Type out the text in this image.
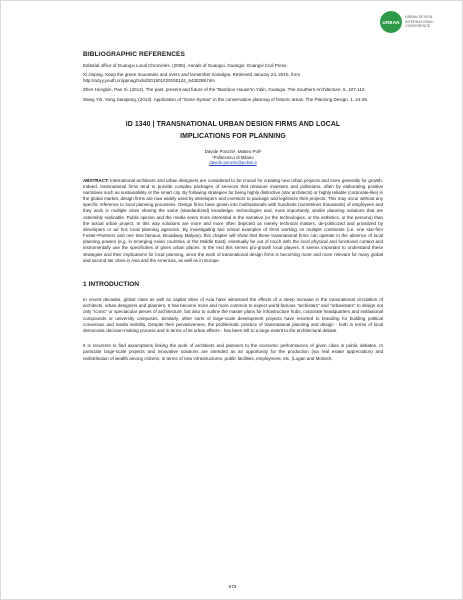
URBAN
URBAN DESIGN INTERNATIONAL CONFERENCE
BIBLIOGRAPHIC REFERENCES
Editorial office of Guangxi Local Chronicles. (2005). Annals of Guangxi. Guangxi: Guangxi Civil Press.
Xi Jinping. Keep the green mountains and rivers and remember nostalgia. Retrieved January 24, 2015, from http://azyy.youth.cn/ppnag/zxbd/201501/t20150124_6430288.htm
Zhen Hongbin, Pan Xi. (2014). The past, present and future of the "Bamboo House"in Yulin, Guangxi. The Southern Architecture, 5, 107-112.
Wang Yin, Yang Jianqiang. (2013). Application of "Gene Syntax" in the conservation planning of historic areas. The Planning Design, 1, 24-28.
ID 1340 | TRANSNATIONAL URBAN DESIGN FIRMS AND LOCAL
IMPLICATIONS FOR PLANNING
Davide Ponzini¹, Matteo Poli¹
¹Politecnico di Milano
davide.ponzini@polimi.it

ABSTRACT: International architects and urban designers are considered to be crucial for creating new urban projects and more generally for growth. Indeed, transnational firms tend to provide complex packages of services that reassure investors and politicians, often by elaborating positive narratives such as sustainability or the smart city. By following strategies for being highly distinctive (star architects) or highly reliable (corporate-like) in the global market, design firms are now widely used by developers and investors to package and legitimize their projects. This may occur without any specific reference to local planning processes. Design firms have grown into multinationals with hundreds (sometimes thousands) of employees and they work in multiple cities sharing the same (standardized) knowledge, technologies and, most importantly, similar planning solutions that are ostensibly replicable. Public opinion and the media seem more interested in the narrative (or the technologies, or the esthetics, or the persona) than the actual urban project. In this way solutions are more and more often depicted as merely technical matters, de-politicized and privatized by developers or ad hoc local planning agencies. By investigating two critical examples of firms working on multiple continents (i.e. one star-firm Foster+Partners and one less famous, Broadway Malyan), this chapter will show that these transnational firms can operate in the absence of local planning powers (e.g. in emerging Asian countries or the Middle East), eventually be out of touch with the local physical and functional context and instrumentally use the specificities of given urban places. In the end this serves pro-growth local players. It seems important to understand these strategies and their implications for local planning, since the work of transnational design firms is becoming more and more relevant for many global and second tier cities in Asia and the Americas, as well as in Europe.

1 INTRODUCTION

In recent decades, global cities as well as capital cities of Asia have witnessed the effects of a steep increase in the transnational circulation of architects, urban designers and planners. It has become more and more common to expect world-famous "archistars" and "urbanistars" to design not only "iconic" or spectacular pieces of architecture, but also to outline the master plans for infrastructure hubs, corporate headquarters and institutional compounds or university campuses. Similarly, other sorts of large-scale development projects have resorted to branding for building political consensus and media visibility. Despite their pervasiveness, the problematic practice of transnational planning and design - both in terms of local democratic decision-making process and in terms of its urban effects - has been left to a large extent to the architectural debate.

It is recurrent to find assumptions linking the work of architects and planners to the economic performances of given cities in public debates. In particular large-scale projects and innovative solutions are intended as an opportunity for the production (via real estate appreciation) and redistribution of wealth among citizens, in terms of new infrastructures, public facilities, employment, etc. (Logan and Molotch,

673
